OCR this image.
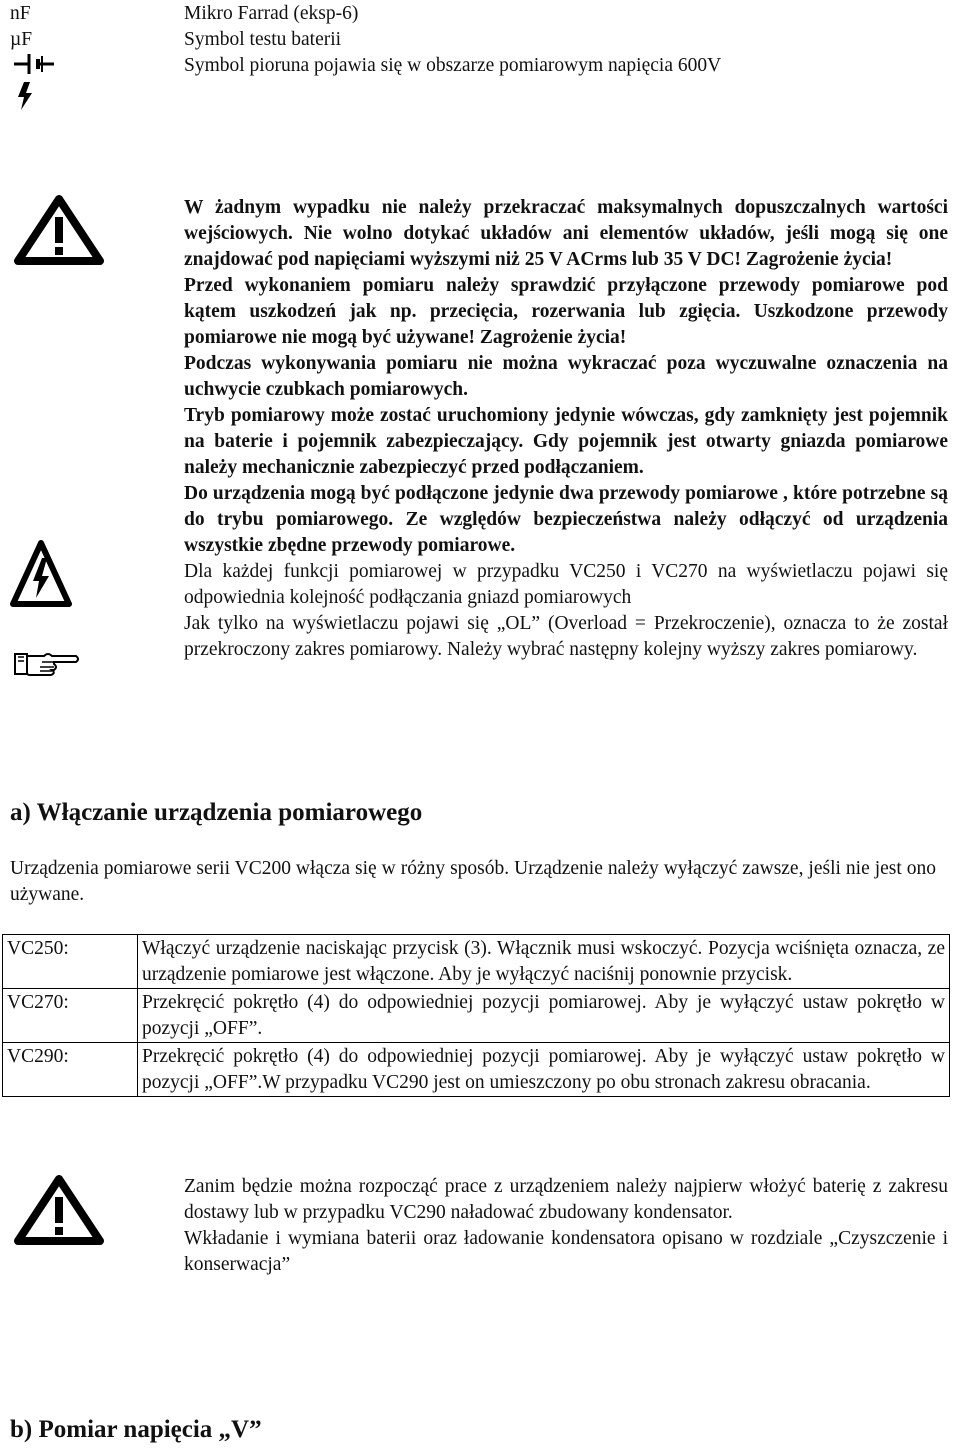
nF	Mikro Farrad (eksp-6)
µF	Symbol testu baterii
Symbol pioruna pojawia się w obszarze pomiarowym napięcia 600V

W żadnym wypadku nie należy przekraczać maksymalnych dopuszczalnych wartości wejściowych. Nie wolno dotykać układów ani elementów układów, jeśli mogą się one znajdować pod napięciami wyższymi niż 25 V ACrms lub 35 V DC! Zagrożenie życia!

Przed wykonaniem pomiaru należy sprawdzić przyłączone przewody pomiarowe pod kątem uszkodzeń jak np. przecięcia, rozerwania lub zgięcia. Uszkodzone przewody pomiarowe nie mogą być używane! Zagrożenie życia!

Podczas wykonywania pomiaru nie można wykraczać poza wyczuwalne oznaczenia na uchwycie czubkach pomiarowych.

Tryb pomiarowy może zostać uruchomiony jedynie wówczas, gdy zamknięty jest pojemnik na baterie i pojemnik zabezpieczający. Gdy pojemnik jest otwarty gniazda pomiarowe należy mechanicznie zabezpieczyć przed podłączaniem.

Do urządzenia mogą być podłączone jedynie dwa przewody pomiarowe , które potrzebne są do trybu pomiarowego. Ze względów bezpieczeństwa należy odłączyć od urządzenia wszystkie zbędne przewody pomiarowe.

Dla każdej funkcji pomiarowej w przypadku VC250 i VC270 na wyświetlaczu pojawi się odpowiednia kolejność podłączania gniazd pomiarowych

Jak tylko na wyświetlaczu pojawi się „OL” (Overload = Przekroczenie), oznacza to że został przekroczony zakres pomiarowy. Należy wybrać następny kolejny wyższy zakres pomiarowy.

a) Włączanie urządzenia pomiarowego
Urządzenia pomiarowe serii VC200 włącza się w różny sposób. Urządzenie należy wyłączyć zawsze, jeśli nie jest ono używane.
VC250:	Włączyć urządzenie naciskając przycisk (3). Włącznik musi wskoczyć. Pozycja wciśnięta oznacza, ze urządzenie pomiarowe jest włączone. Aby je wyłączyć naciśnij ponownie przycisk.
VC270:	Przekręcić pokrętło (4) do odpowiedniej pozycji pomiarowej. Aby je wyłączyć ustaw pokrętło w pozycji „OFF”.
VC290:	Przekręcić pokrętło (4) do odpowiedniej pozycji pomiarowej. Aby je wyłączyć ustaw pokrętło w pozycji „OFF”.W przypadku VC290 jest on umieszczony po obu stronach zakresu obracania.

Zanim będzie można rozpocząć prace z urządzeniem należy najpierw włożyć baterię z zakresu dostawy lub w przypadku VC290 naładować zbudowany kondensator.

Wkładanie i wymiana baterii oraz ładowanie kondensatora opisano w rozdziale „Czyszczenie i konserwacja”

b) Pomiar napięcia „V”
